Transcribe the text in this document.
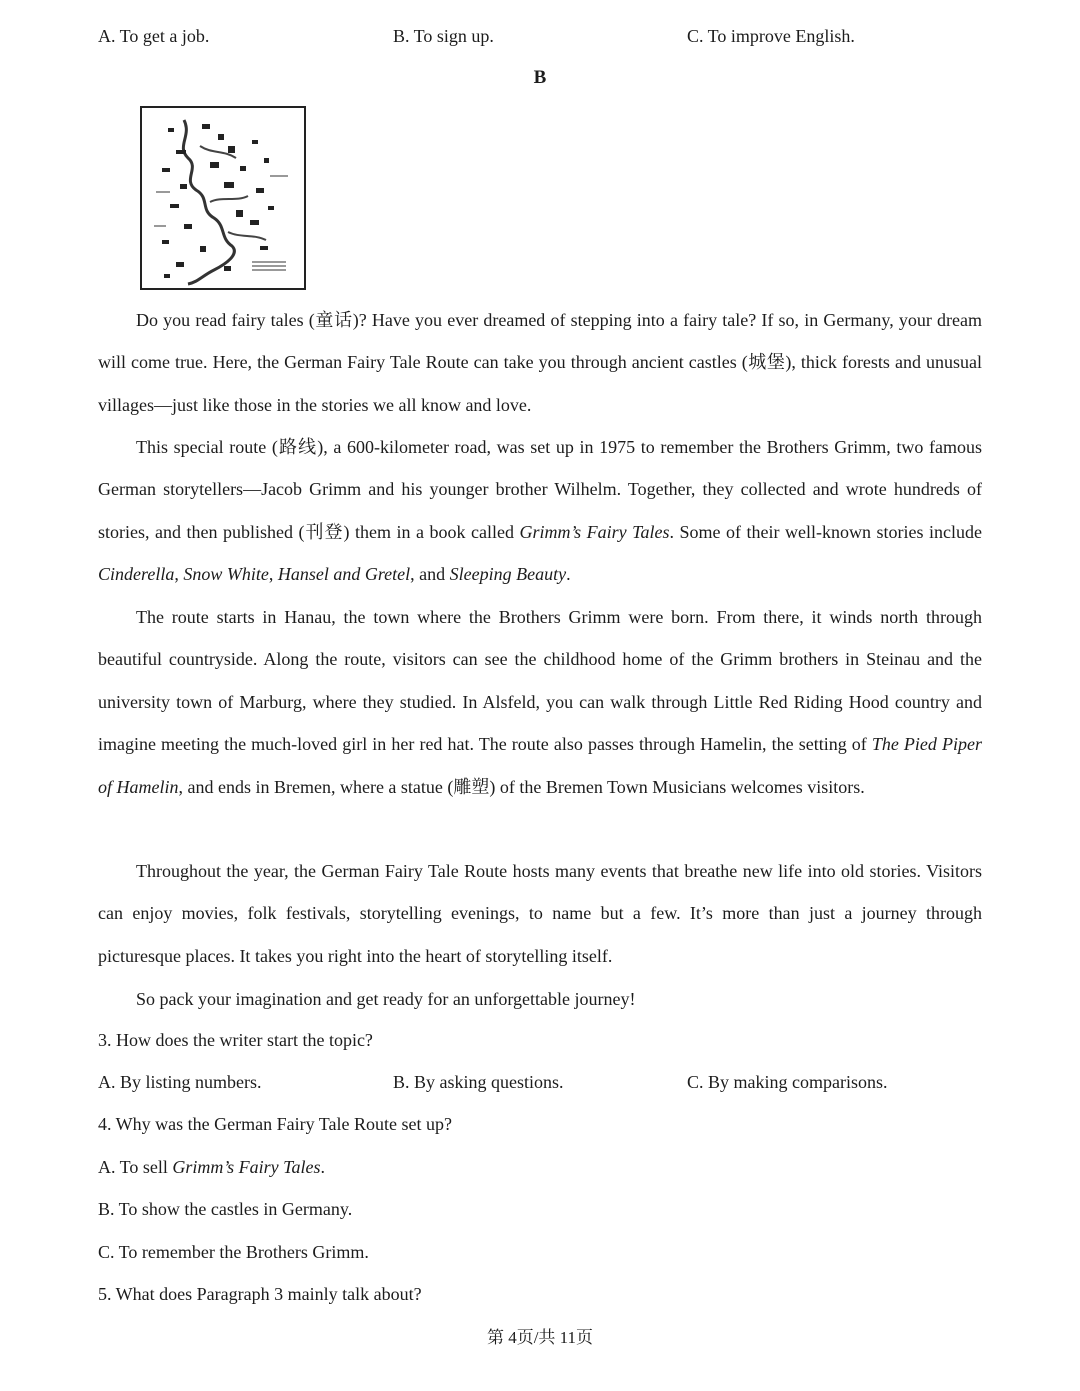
A. To get a job.	B. To sign up.	C. To improve English.
B

Do you read fairy tales (童话)? Have you ever dreamed of stepping into a fairy tale? If so, in Germany, your dream will come true. Here, the German Fairy Tale Route can take you through ancient castles (城堡), thick forests and unusual villages—just like those in the stories we all know and love.

This special route (路线), a 600-kilometer road, was set up in 1975 to remember the Brothers Grimm, two famous German storytellers—Jacob Grimm and his younger brother Wilhelm. Together, they collected and wrote hundreds of stories, and then published (刊登) them in a book called Grimm’s Fairy Tales. Some of their well-known stories include Cinderella, Snow White, Hansel and Gretel, and Sleeping Beauty.

The route starts in Hanau, the town where the Brothers Grimm were born. From there, it winds north through beautiful countryside. Along the route, visitors can see the childhood home of the Grimm brothers in Steinau and the university town of Marburg, where they studied. In Alsfeld, you can walk through Little Red Riding Hood country and imagine meeting the much-loved girl in her red hat. The route also passes through Hamelin, the setting of The Pied Piper of Hamelin, and ends in Bremen, where a statue (雕塑) of the Bremen Town Musicians welcomes visitors.

Throughout the year, the German Fairy Tale Route hosts many events that breathe new life into old stories. Visitors can enjoy movies, folk festivals, storytelling evenings, to name but a few. It’s more than just a journey through picturesque places. It takes you right into the heart of storytelling itself.

So pack your imagination and get ready for an unforgettable journey!

3. How does the writer start the topic?
A. By listing numbers.	B. By asking questions.	C. By making comparisons.
4. Why was the German Fairy Tale Route set up?
A. To sell Grimm’s Fairy Tales.
B. To show the castles in Germany.
C. To remember the Brothers Grimm.
5. What does Paragraph 3 mainly talk about?
第 4页/共 11页
